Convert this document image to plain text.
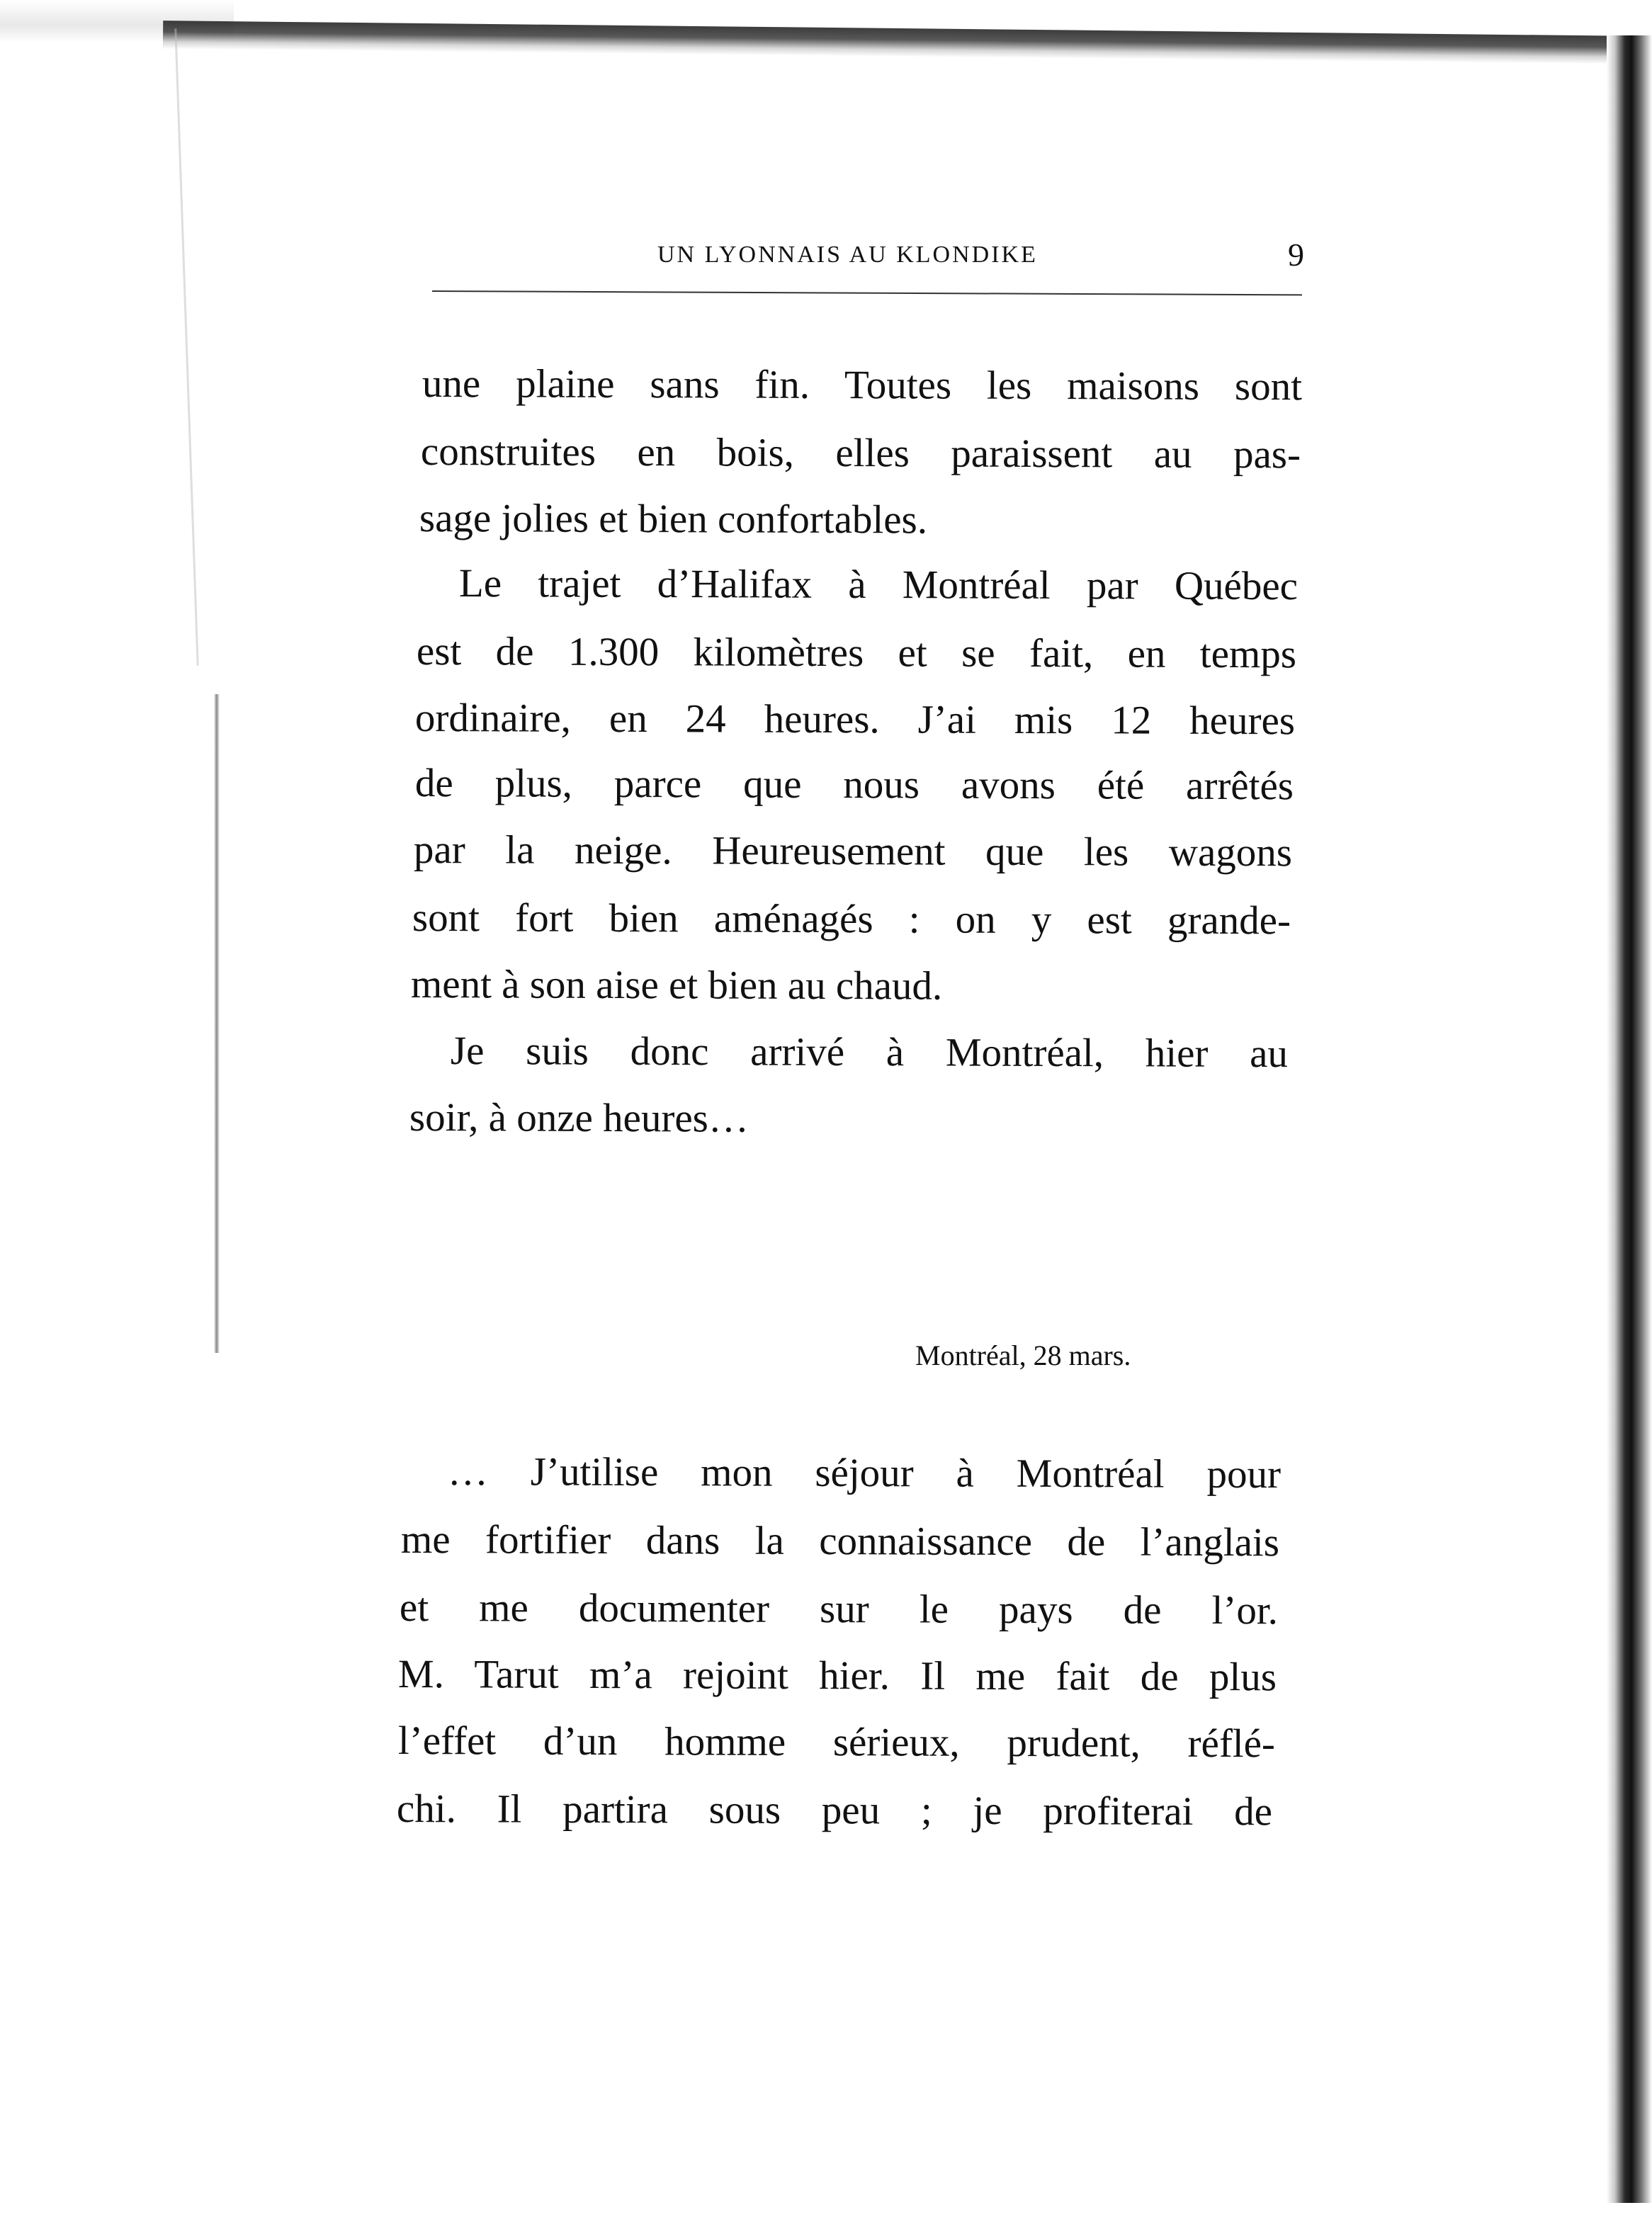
UN LYONNAIS AU KLONDIKE	9
une plaine sans fin. Toutes les maisons sont
construites en bois, elles paraissent au pas-
sage jolies et bien confortables.
Le trajet d’Halifax à Montréal par Québec
est de 1.300 kilomètres et se fait, en temps
ordinaire, en 24 heures. J’ai mis 12 heures
de plus, parce que nous avons été arrêtés
par la neige. Heureusement que les wagons
sont fort bien aménagés : on y est grande-
ment à son aise et bien au chaud.
Je suis donc arrivé à Montréal, hier au
soir, à onze heures…
Montréal, 28 mars.
… J’utilise mon séjour à Montréal pour
me fortifier dans la connaissance de l’anglais
et me documenter sur le pays de l’or.
M. Tarut m’a rejoint hier. Il me fait de plus
l’effet d’un homme sérieux, prudent, réflé-
chi. Il partira sous peu ; je profiterai de
